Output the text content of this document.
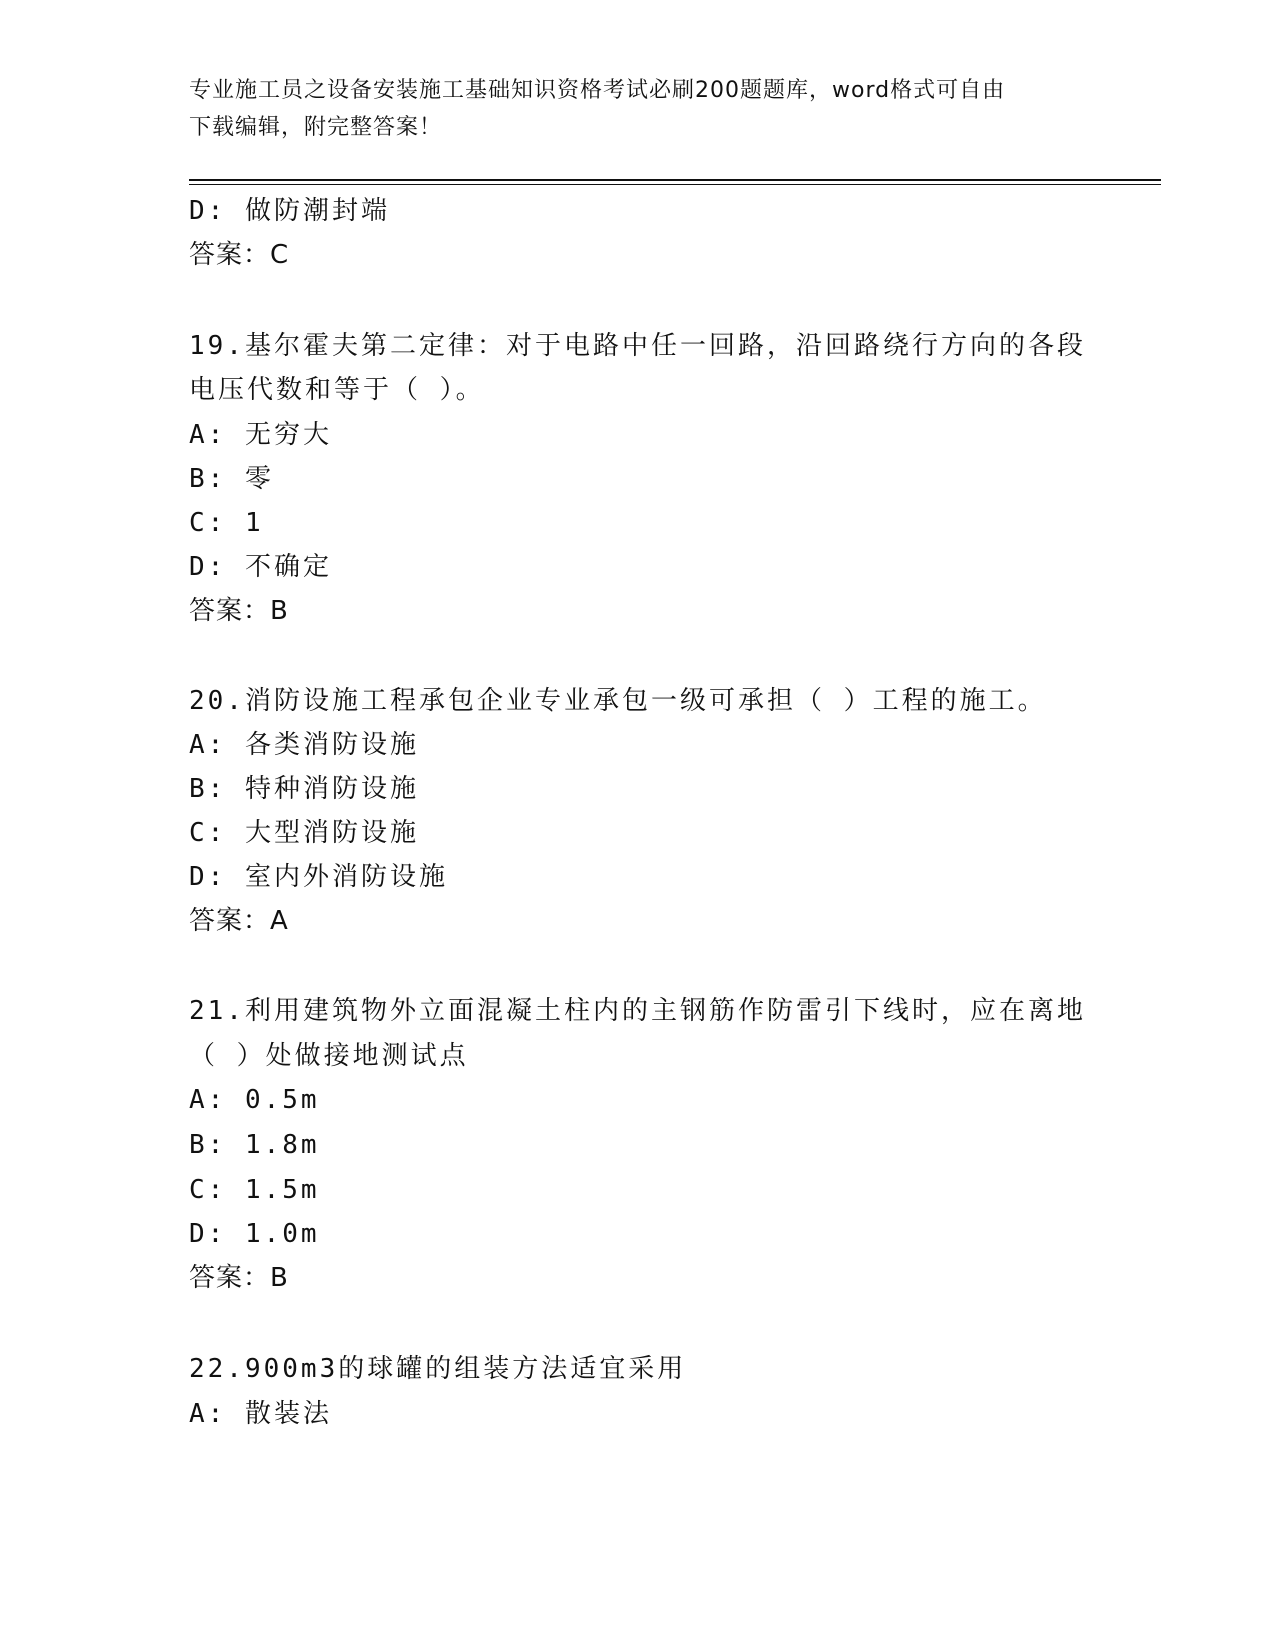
专业施工员之设备安装施工基础知识资格考试必刷200题题库，word格式可自由
下载编辑，附完整答案！
D: 做防潮封端
答案：C
19.基尔霍夫第二定律：对于电路中任一回路，沿回路绕行方向的各段
电压代数和等于（ ）。
A: 无穷大
B: 零
C: 1
D: 不确定
答案：B
20.消防设施工程承包企业专业承包一级可承担（ ）工程的施工。
A: 各类消防设施
B: 特种消防设施
C: 大型消防设施
D: 室内外消防设施
答案：A
21.利用建筑物外立面混凝土柱内的主钢筋作防雷引下线时，应在离地
（ ）处做接地测试点
A: 0.5m
B: 1.8m
C: 1.5m
D: 1.0m
答案：B
22.900m3的球罐的组装方法适宜采用
A: 散装法
